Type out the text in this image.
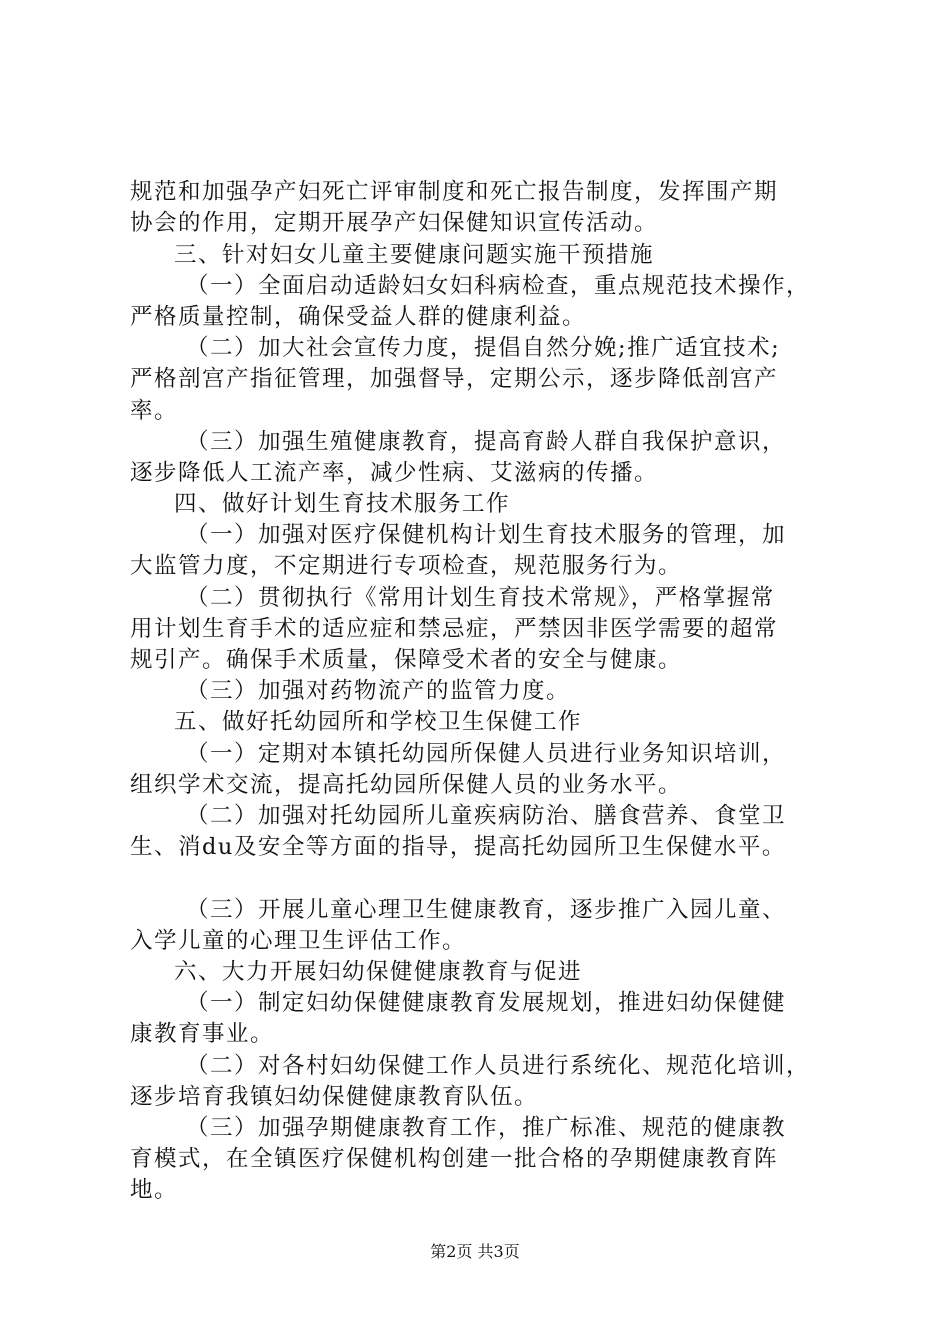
规范和加强孕产妇死亡评审制度和死亡报告制度，发挥围产期
协会的作用，定期开展孕产妇保健知识宣传活动。
三、针对妇女儿童主要健康问题实施干预措施
（一）全面启动适龄妇女妇科病检查，重点规范技术操作，
严格质量控制，确保受益人群的健康利益。
（二）加大社会宣传力度，提倡自然分娩;推广适宜技术;
严格剖宫产指征管理，加强督导，定期公示，逐步降低剖宫产
率。
（三）加强生殖健康教育，提高育龄人群自我保护意识，
逐步降低人工流产率，减少性病、艾滋病的传播。
四、做好计划生育技术服务工作
（一）加强对医疗保健机构计划生育技术服务的管理，加
大监管力度，不定期进行专项检查，规范服务行为。
（二）贯彻执行《常用计划生育技术常规》，严格掌握常
用计划生育手术的适应症和禁忌症，严禁因非医学需要的超常
规引产。确保手术质量，保障受术者的安全与健康。
（三）加强对药物流产的监管力度。
五、做好托幼园所和学校卫生保健工作
（一）定期对本镇托幼园所保健人员进行业务知识培训，
组织学术交流，提高托幼园所保健人员的业务水平。
（二）加强对托幼园所儿童疾病防治、膳食营养、食堂卫
生、消du及安全等方面的指导，提高托幼园所卫生保健水平。
（三）开展儿童心理卫生健康教育，逐步推广入园儿童、
入学儿童的心理卫生评估工作。
六、大力开展妇幼保健健康教育与促进
（一）制定妇幼保健健康教育发展规划，推进妇幼保健健
康教育事业。
（二）对各村妇幼保健工作人员进行系统化、规范化培训，
逐步培育我镇妇幼保健健康教育队伍。
（三）加强孕期健康教育工作，推广标准、规范的健康教
育模式，在全镇医疗保健机构创建一批合格的孕期健康教育阵
地。
第2页 共3页
